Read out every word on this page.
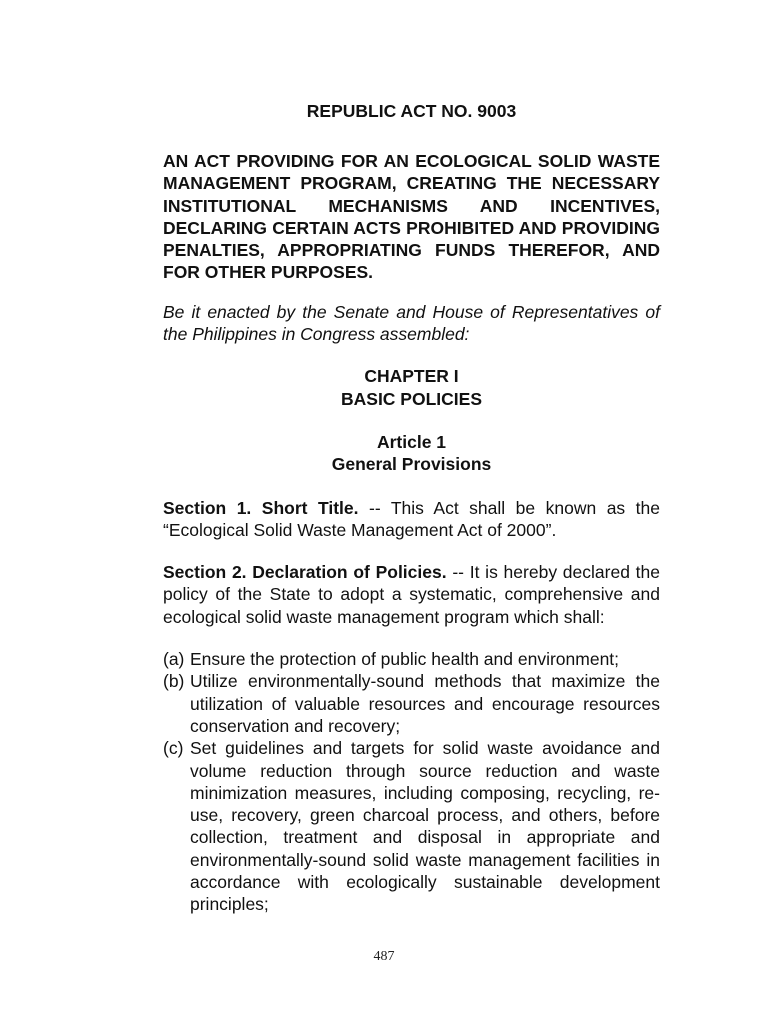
REPUBLIC ACT NO. 9003
AN ACT PROVIDING FOR AN ECOLOGICAL SOLID WASTE MANAGEMENT PROGRAM, CREATING THE NECESSARY INSTITUTIONAL MECHANISMS AND INCENTIVES, DECLARING CERTAIN ACTS PROHIBITED AND PROVIDING PENALTIES, APPROPRIATING FUNDS THEREFOR, AND FOR OTHER PURPOSES.
Be it enacted by the Senate and House of Representatives of the Philippines in Congress assembled:
CHAPTER I
BASIC POLICIES
Article 1
General Provisions
Section 1. Short Title. -- This Act shall be known as the “Ecological Solid Waste Management Act of 2000”.
Section 2. Declaration of Policies. -- It is hereby declared the policy of the State to adopt a systematic, comprehensive and ecological solid waste management program which shall:
(a) Ensure the protection of public health and environment;
(b) Utilize environmentally-sound methods that maximize the utilization of valuable resources and encourage resources conservation and recovery;
(c) Set guidelines and targets for solid waste avoidance and volume reduction through source reduction and waste minimization measures, including composing, recycling, re-use, recovery, green charcoal process, and others, before collection, treatment and disposal in appropriate and environmentally-sound solid waste management facilities in accordance with ecologically sustainable development principles;
487
